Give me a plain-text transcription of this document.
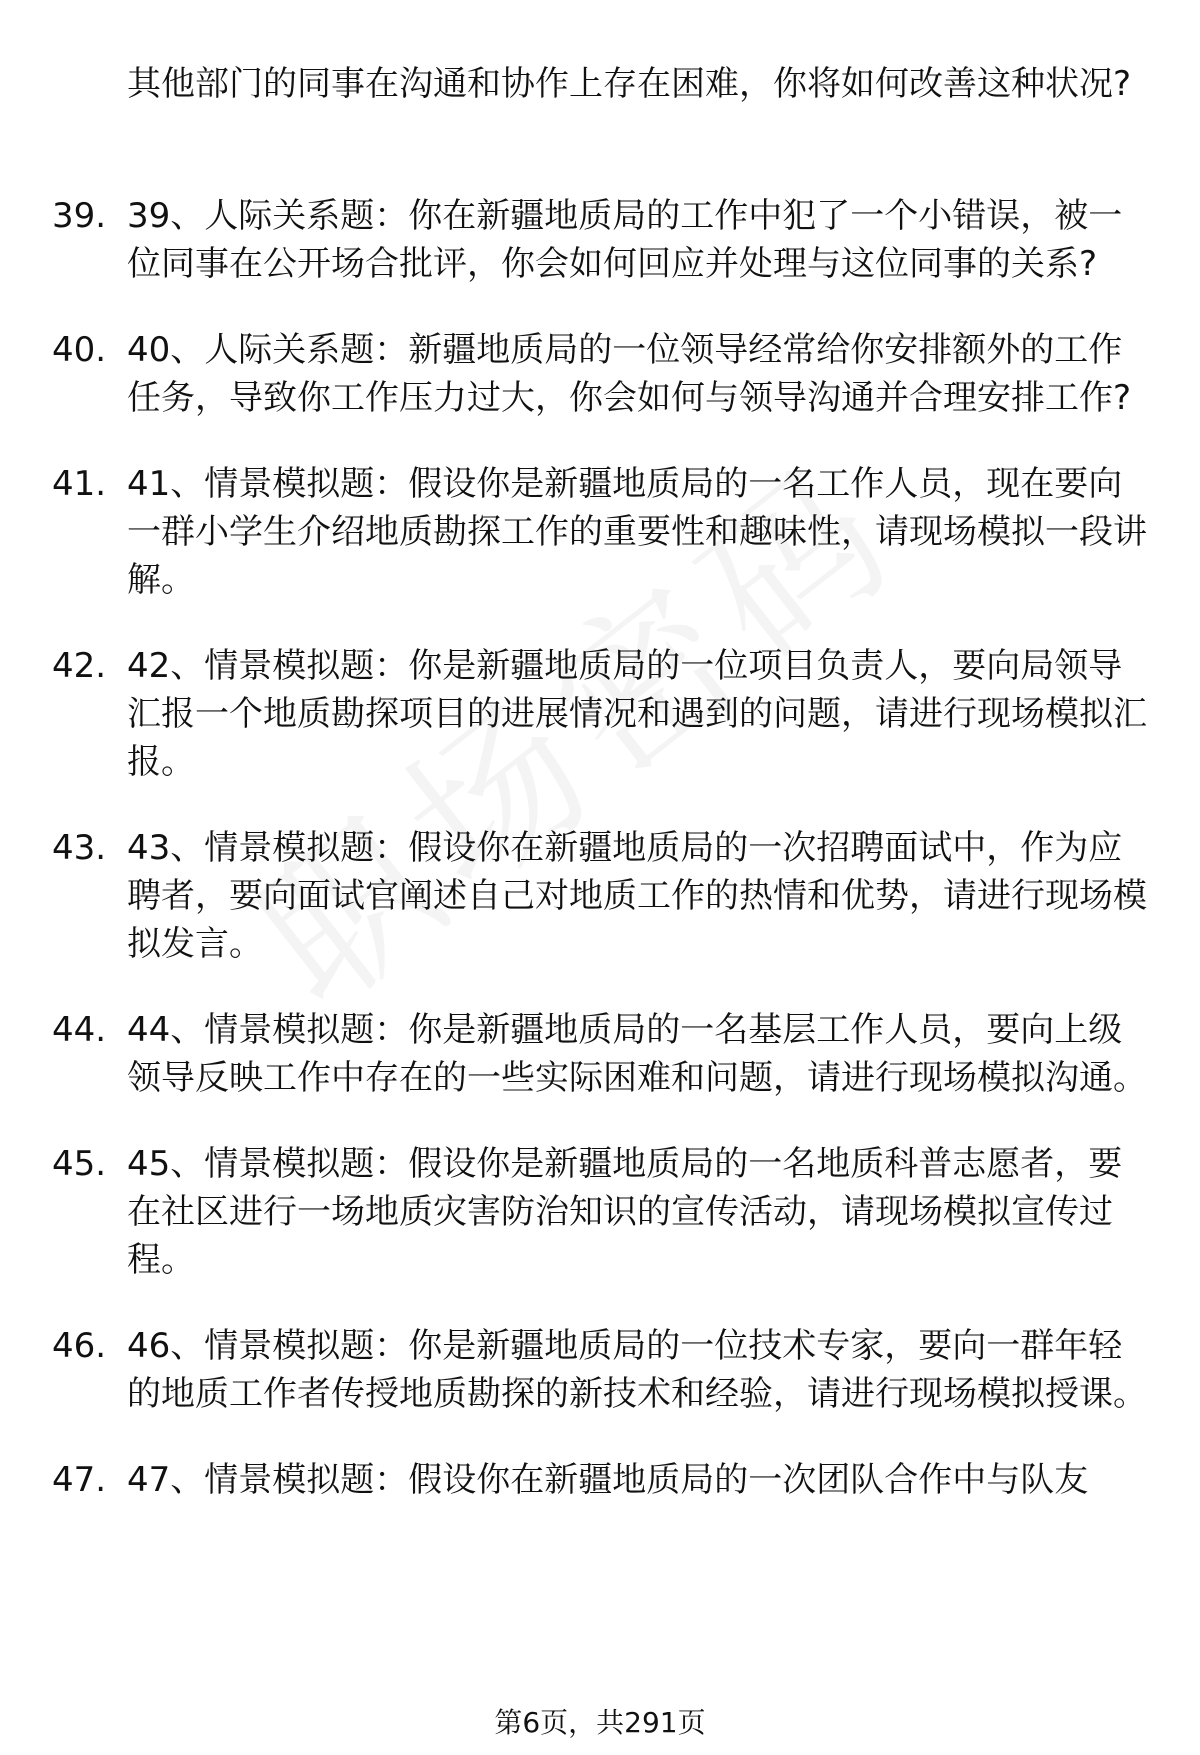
其他部门的同事在沟通和协作上存在困难，你将如何改善这种状况?

39. 39、人际关系题：你在新疆地质局的工作中犯了一个小错误，被一位同事在公开场合批评，你会如何回应并处理与这位同事的关系?
40. 40、人际关系题：新疆地质局的一位领导经常给你安排额外的工作任务，导致你工作压力过大，你会如何与领导沟通并合理安排工作?
41. 41、情景模拟题：假设你是新疆地质局的一名工作人员，现在要向一群小学生介绍地质勘探工作的重要性和趣味性，请现场模拟一段讲解。
42. 42、情景模拟题：你是新疆地质局的一位项目负责人，要向局领导汇报一个地质勘探项目的进展情况和遇到的问题，请进行现场模拟汇报。
43. 43、情景模拟题：假设你在新疆地质局的一次招聘面试中，作为应聘者，要向面试官阐述自己对地质工作的热情和优势，请进行现场模拟发言。
44. 44、情景模拟题：你是新疆地质局的一名基层工作人员，要向上级领导反映工作中存在的一些实际困难和问题，请进行现场模拟沟通。
45. 45、情景模拟题：假设你是新疆地质局的一名地质科普志愿者，要在社区进行一场地质灾害防治知识的宣传活动，请现场模拟宣传过程。
46. 46、情景模拟题：你是新疆地质局的一位技术专家，要向一群年轻的地质工作者传授地质勘探的新技术和经验，请进行现场模拟授课。
47. 47、情景模拟题：假设你在新疆地质局的一次团队合作中与队友
第6页，共291页
